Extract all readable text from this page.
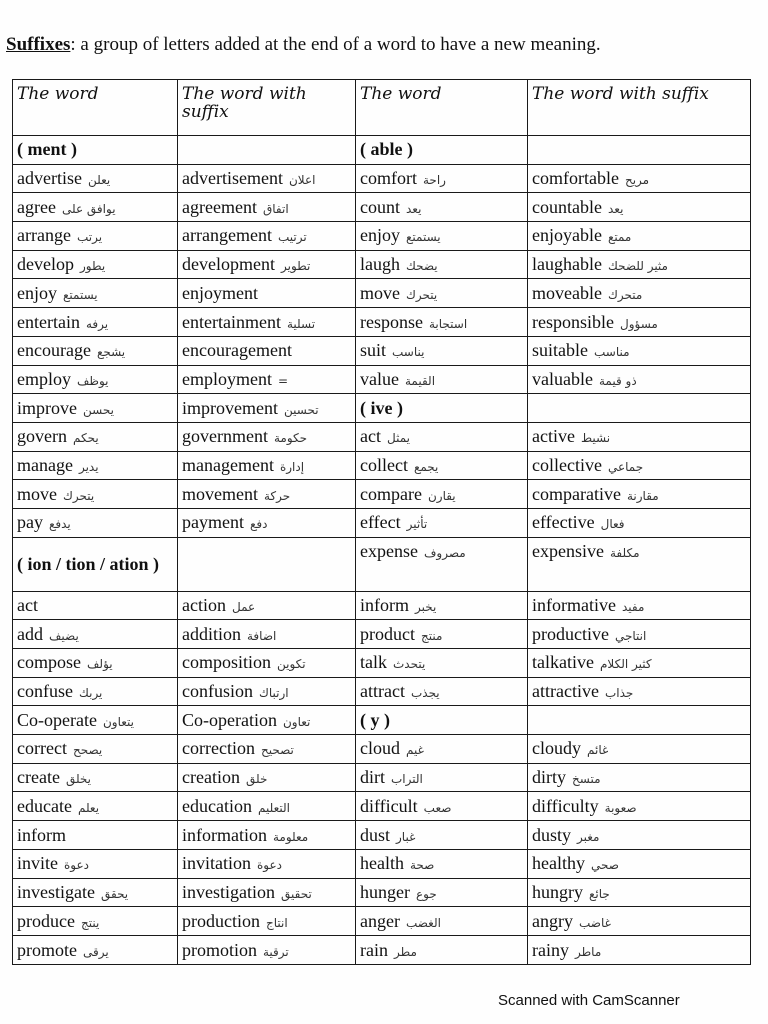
Suffixes: a group of letters added at the end of a word to have a new meaning.
The word	The word with suffix	The word	The word with suffix
( ment )		( able )	
advertise يعلن	advertisement اعلان	comfort راحة	comfortable مريح
agree يوافق على	agreement اتفاق	count يعد	countable يعد
arrange يرتب	arrangement ترتيب	enjoy يستمتع	enjoyable ممتع
develop يطور	development تطوير	laugh يضحك	laughable مثير للضحك
enjoy يستمتع	enjoyment	move يتحرك	moveable متحرك
entertain يرفه	entertainment تسلية	response استجابة	responsible مسؤول
encourage يشجع	encouragement	suit يناسب	suitable مناسب
employ يوظف	employment =	value القيمة	valuable ذو قيمة
improve يحسن	improvement تحسين	( ive )	
govern يحكم	government حكومة	act يمثل	active نشيط
manage يدير	management إدارة	collect يجمع	collective جماعي
move يتحرك	movement حركة	compare يقارن	comparative مقارنة
pay يدفع	payment دفع	effect تأثير	effective فعال
( ion / tion / ation )		expense مصروف	expensive مكلفة
act	action عمل	inform يخبر	informative مفيد
add يضيف	addition اضافة	product منتج	productive انتاجي
compose يؤلف	composition تكوين	talk يتحدث	talkative كثير الكلام
confuse يربك	confusion ارتباك	attract يجذب	attractive جذاب
Co-operate يتعاون	Co-operation تعاون	( y )	
correct يصحح	correction تصحيح	cloud غيم	cloudy غائم
create يخلق	creation خلق	dirt التراب	dirty متسخ
educate يعلم	education التعليم	difficult صعب	difficulty صعوبة
inform	information معلومة	dust غبار	dusty مغبر
invite دعوة	invitation دعوة	health صحة	healthy صحي
investigate يحقق	investigation تحقيق	hunger جوع	hungry جائع
produce ينتج	production انتاج	anger الغضب	angry غاضب
promote يرقى	promotion ترقية	rain مطر	rainy ماطر
Scanned with CamScanner
